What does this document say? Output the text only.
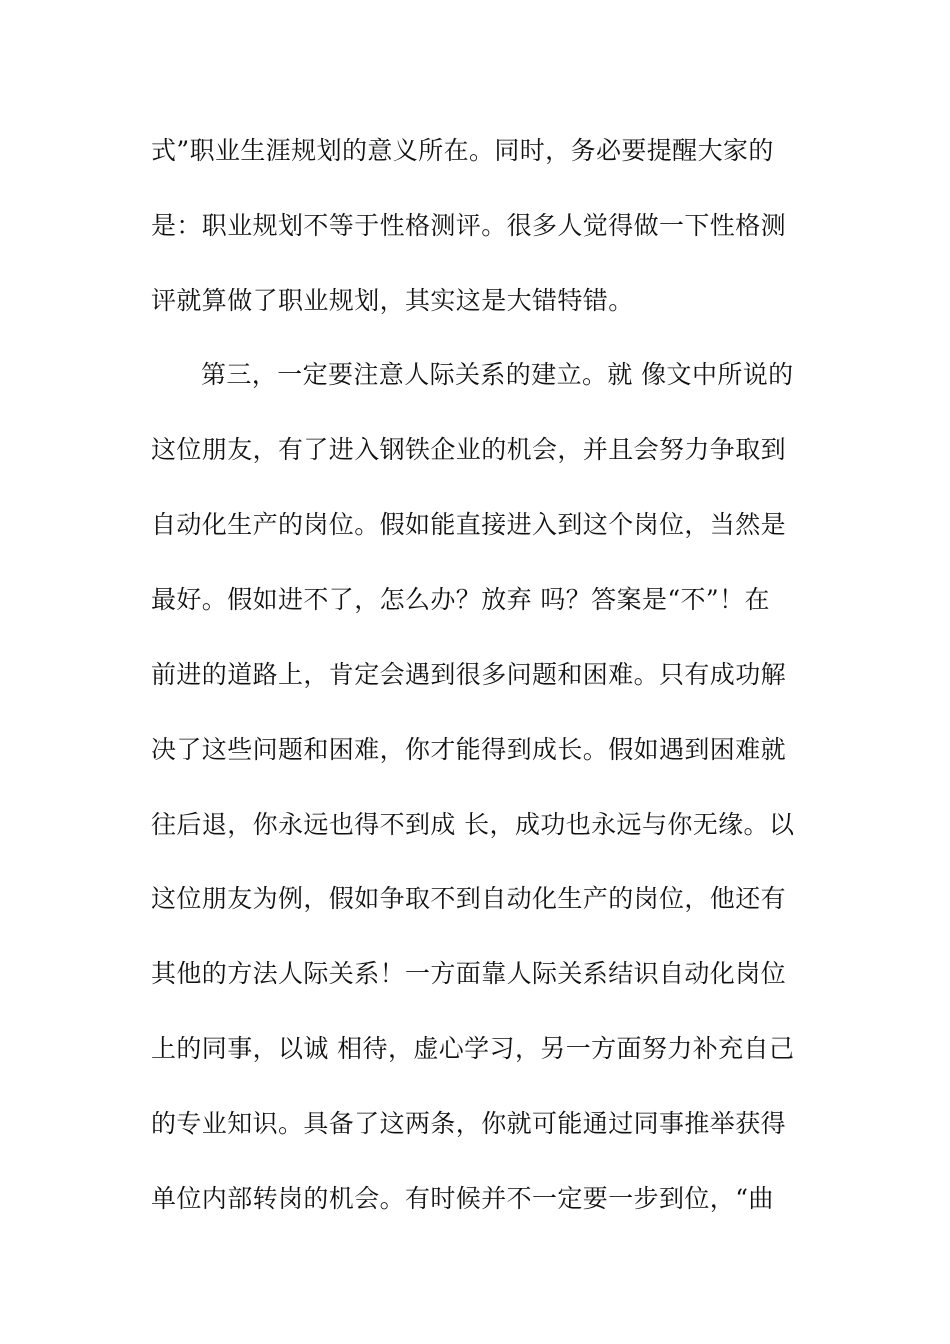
式”职业生涯规划的意义所在。同时，务必要提醒大家的
是：职业规划不等于性格测评。很多人觉得做一下性格测
评就算做了职业规划，其实这是大错特错。
第三，一定要注意人际关系的建立。就 像文中所说的
这位朋友，有了进入钢铁企业的机会，并且会努力争取到
自动化生产的岗位。假如能直接进入到这个岗位，当然是
最好。假如进不了，怎么办？放弃 吗？答案是“不”！在
前进的道路上，肯定会遇到很多问题和困难。只有成功解
决了这些问题和困难，你才能得到成长。假如遇到困难就
往后退，你永远也得不到成 长，成功也永远与你无缘。以
这位朋友为例，假如争取不到自动化生产的岗位，他还有
其他的方法人际关系！一方面靠人际关系结识自动化岗位
上的同事，以诚 相待，虚心学习，另一方面努力补充自己
的专业知识。具备了这两条，你就可能通过同事推举获得
单位内部转岗的机会。有时候并不一定要一步到位，“曲
